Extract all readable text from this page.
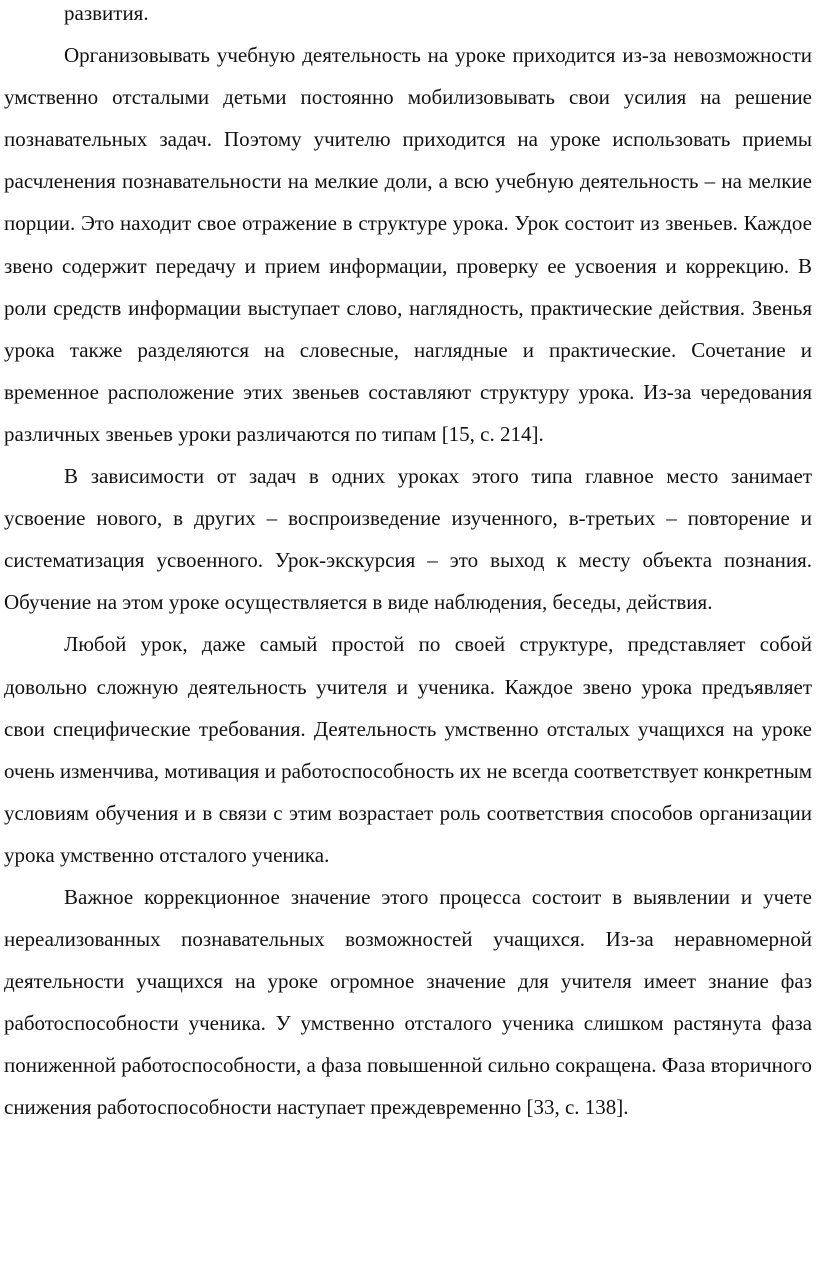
развития.

Организовывать учебную деятельность на уроке приходится из-за невозможности умственно отсталыми детьми постоянно мобилизовывать свои усилия на решение познавательных задач. Поэтому учителю приходится на уроке использовать приемы расчленения познавательности на мелкие доли, а всю учебную деятельность – на мелкие порции. Это находит свое отражение в структуре урока. Урок состоит из звеньев. Каждое звено содержит передачу и прием информации, проверку ее усвоения и коррекцию. В роли средств информации выступает слово, наглядность, практические действия. Звенья урока также разделяются на словесные, наглядные и практические. Сочетание и временное расположение этих звеньев составляют структуру урока. Из-за чередования различных звеньев уроки различаются по типам [15, с. 214].

В зависимости от задач в одних уроках этого типа главное место занимает усвоение нового, в других – воспроизведение изученного, в-третьих – повторение и систематизация усвоенного. Урок-экскурсия – это выход к месту объекта познания. Обучение на этом уроке осуществляется в виде наблюдения, беседы, действия.

Любой урок, даже самый простой по своей структуре, представляет собой довольно сложную деятельность учителя и ученика. Каждое звено урока предъявляет свои специфические требования. Деятельность умственно отсталых учащихся на уроке очень изменчива, мотивация и работоспособность их не всегда соответствует конкретным условиям обучения и в связи с этим возрастает роль соответствия способов организации урока умственно отсталого ученика.

Важное коррекционное значение этого процесса состоит в выявлении и учете нереализованных познавательных возможностей учащихся. Из-за неравномерной деятельности учащихся на уроке огромное значение для учителя имеет знание фаз работоспособности ученика. У умственно отсталого ученика слишком растянута фаза пониженной работоспособности, а фаза повышенной сильно сокращена. Фаза вторичного снижения работоспособности наступает преждевременно [33, с. 138].
